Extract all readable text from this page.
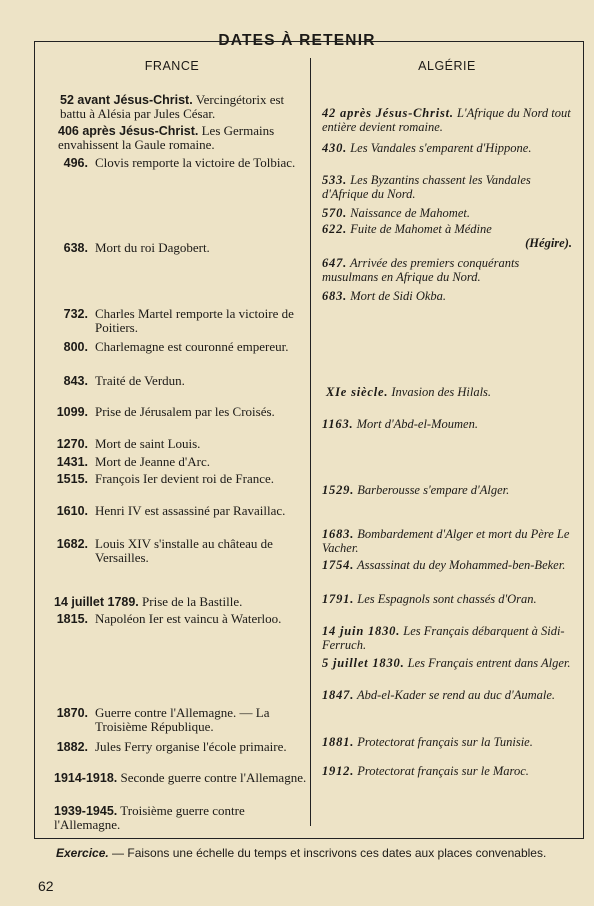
DATES À RETENIR
FRANCE	ALGÉRIE
52 avant Jésus-Christ. Vercingétorix est battu à Alésia par Jules César.
406 après Jésus-Christ. Les Germains envahissent la Gaule romaine.
496. Clovis remporte la victoire de Tolbiac.
638. Mort du roi Dagobert.
732. Charles Martel remporte la victoire de Poitiers.
800. Charlemagne est couronné empereur.
843. Traité de Verdun.
1099. Prise de Jérusalem par les Croisés.
1270. Mort de saint Louis.
1431. Mort de Jeanne d'Arc.
1515. François Ier devient roi de France.
1610. Henri IV est assassiné par Ravaillac.
1682. Louis XIV s'installe au château de Versailles.
14 juillet 1789. Prise de la Bastille.
1815. Napoléon Ier est vaincu à Waterloo.
1870. Guerre contre l'Allemagne. — La Troisième République.
1882. Jules Ferry organise l'école primaire.
1914-1918. Seconde guerre contre l'Allemagne.
1939-1945. Troisième guerre contre l'Allemagne.
42 après Jésus-Christ. L'Afrique du Nord tout entière devient romaine.
430. Les Vandales s'emparent d'Hippone.
533. Les Byzantins chassent les Vandales d'Afrique du Nord.
570. Naissance de Mahomet.
622. Fuite de Mahomet à Médine
(Hégire).
647. Arrivée des premiers conquérants musulmans en Afrique du Nord.
683. Mort de Sidi Okba.
XIe siècle. Invasion des Hilals.
1163. Mort d'Abd-el-Moumen.
1529. Barberousse s'empare d'Alger.
1683. Bombardement d'Alger et mort du Père Le Vacher.
1754. Assassinat du dey Mohammed-ben-Beker.
1791. Les Espagnols sont chassés d'Oran.
14 juin 1830. Les Français débarquent à Sidi-Ferruch.
5 juillet 1830. Les Français entrent dans Alger.
1847. Abd-el-Kader se rend au duc d'Aumale.
1881. Protectorat français sur la Tunisie.
1912. Protectorat français sur le Maroc.
Exercice. — Faisons une échelle du temps et inscrivons ces dates aux places convenables.
62
